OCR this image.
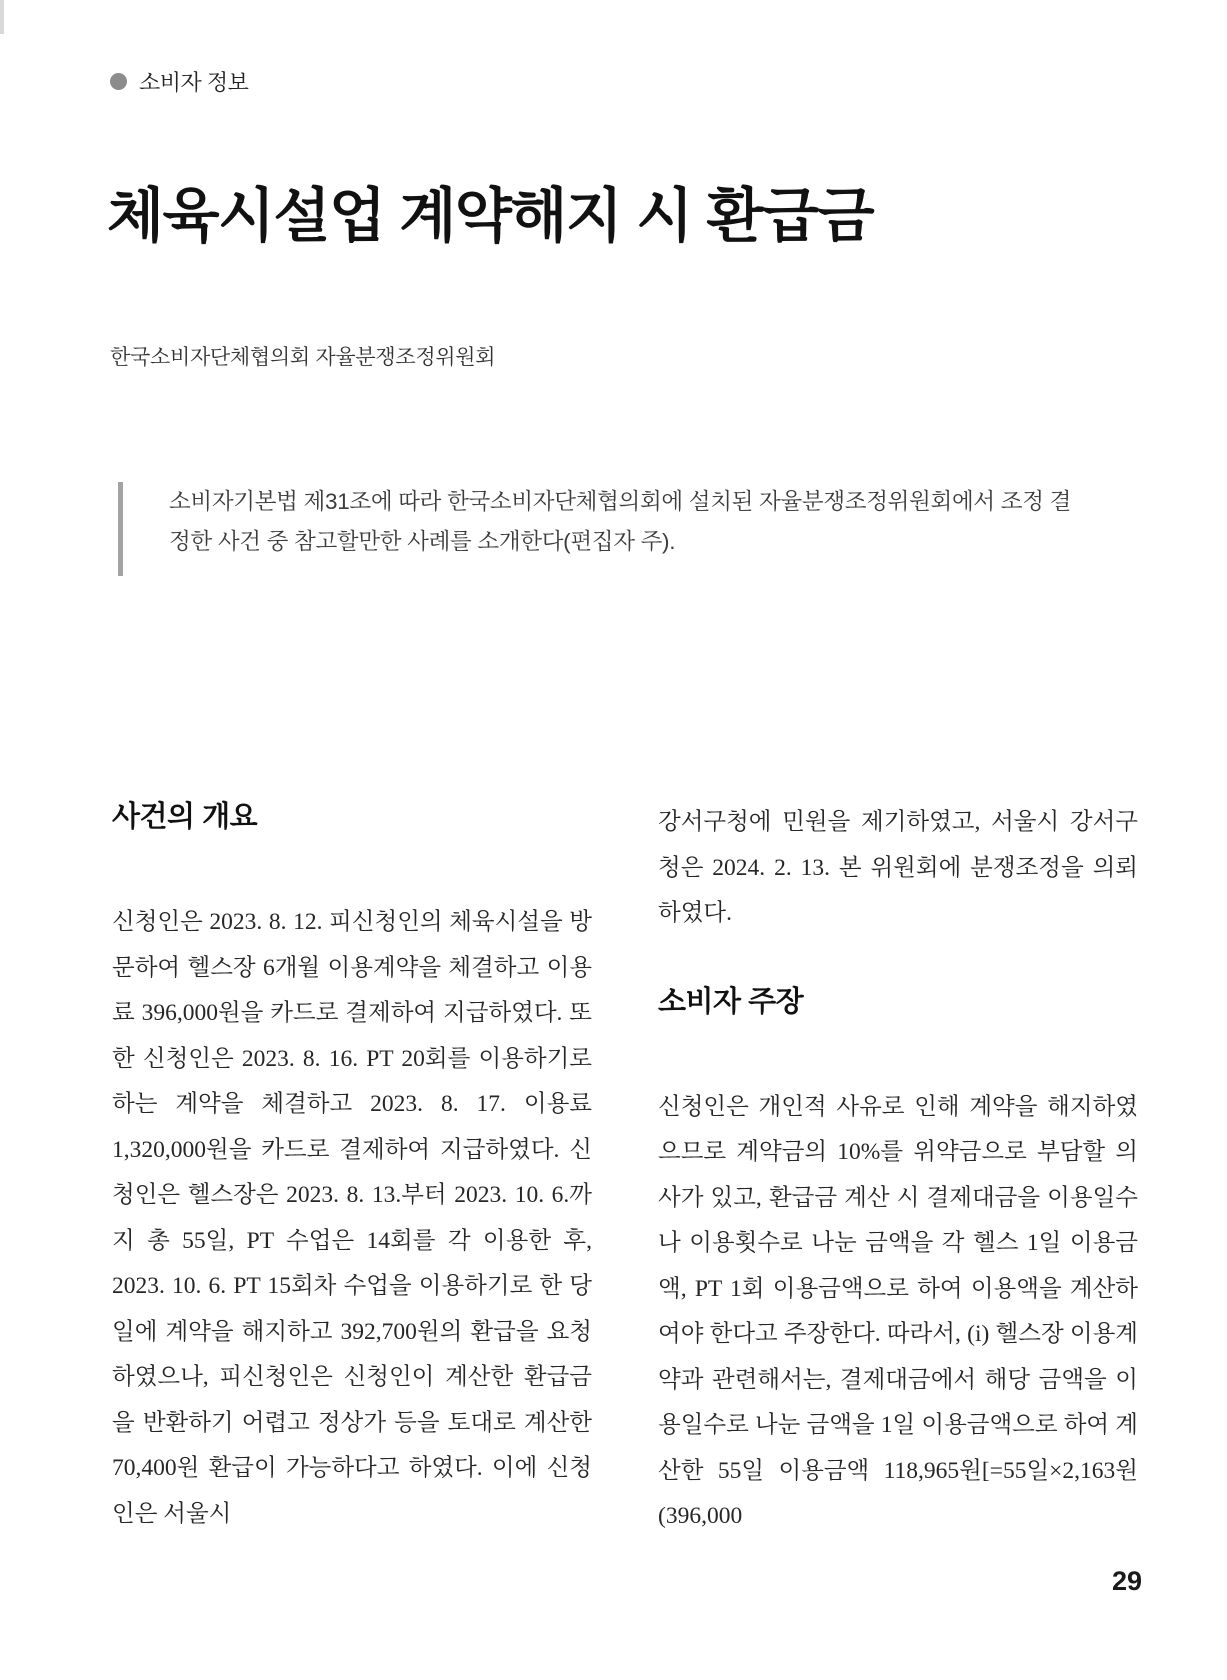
소비자 정보
체육시설업 계약해지 시 환급금
한국소비자단체협의회 자율분쟁조정위원회
소비자기본법 제31조에 따라 한국소비자단체협의회에 설치된 자율분쟁조정위원회에서 조정 결정한 사건 중 참고할만한 사례를 소개한다(편집자 주).
사건의 개요

신청인은 2023. 8. 12. 피신청인의 체육시설을 방문하여 헬스장 6개월 이용계약을 체결하고 이용료 396,000원을 카드로 결제하여 지급하였다. 또한 신청인은 2023. 8. 16. PT 20회를 이용하기로 하는 계약을 체결하고 2023. 8. 17. 이용료 1,320,000원을 카드로 결제하여 지급하였다. 신청인은 헬스장은 2023. 8. 13.부터 2023. 10. 6.까지 총 55일, PT 수업은 14회를 각 이용한 후, 2023. 10. 6. PT 15회차 수업을 이용하기로 한 당일에 계약을 해지하고 392,700원의 환급을 요청하였으나, 피신청인은 신청인이 계산한 환급금을 반환하기 어렵고 정상가 등을 토대로 계산한 70,400원 환급이 가능하다고 하였다. 이에 신청인은 서울시

강서구청에 민원을 제기하였고, 서울시 강서구청은 2024. 2. 13. 본 위원회에 분쟁조정을 의뢰하였다.

소비자 주장

신청인은 개인적 사유로 인해 계약을 해지하였으므로 계약금의 10%를 위약금으로 부담할 의사가 있고, 환급금 계산 시 결제대금을 이용일수나 이용횟수로 나눈 금액을 각 헬스 1일 이용금액, PT 1회 이용금액으로 하여 이용액을 계산하여야 한다고 주장한다. 따라서, (i) 헬스장 이용계약과 관련해서는, 결제대금에서 해당 금액을 이용일수로 나눈 금액을 1일 이용금액으로 하여 계산한 55일 이용금액 118,965원[=55일×2,163원(396,000

29
